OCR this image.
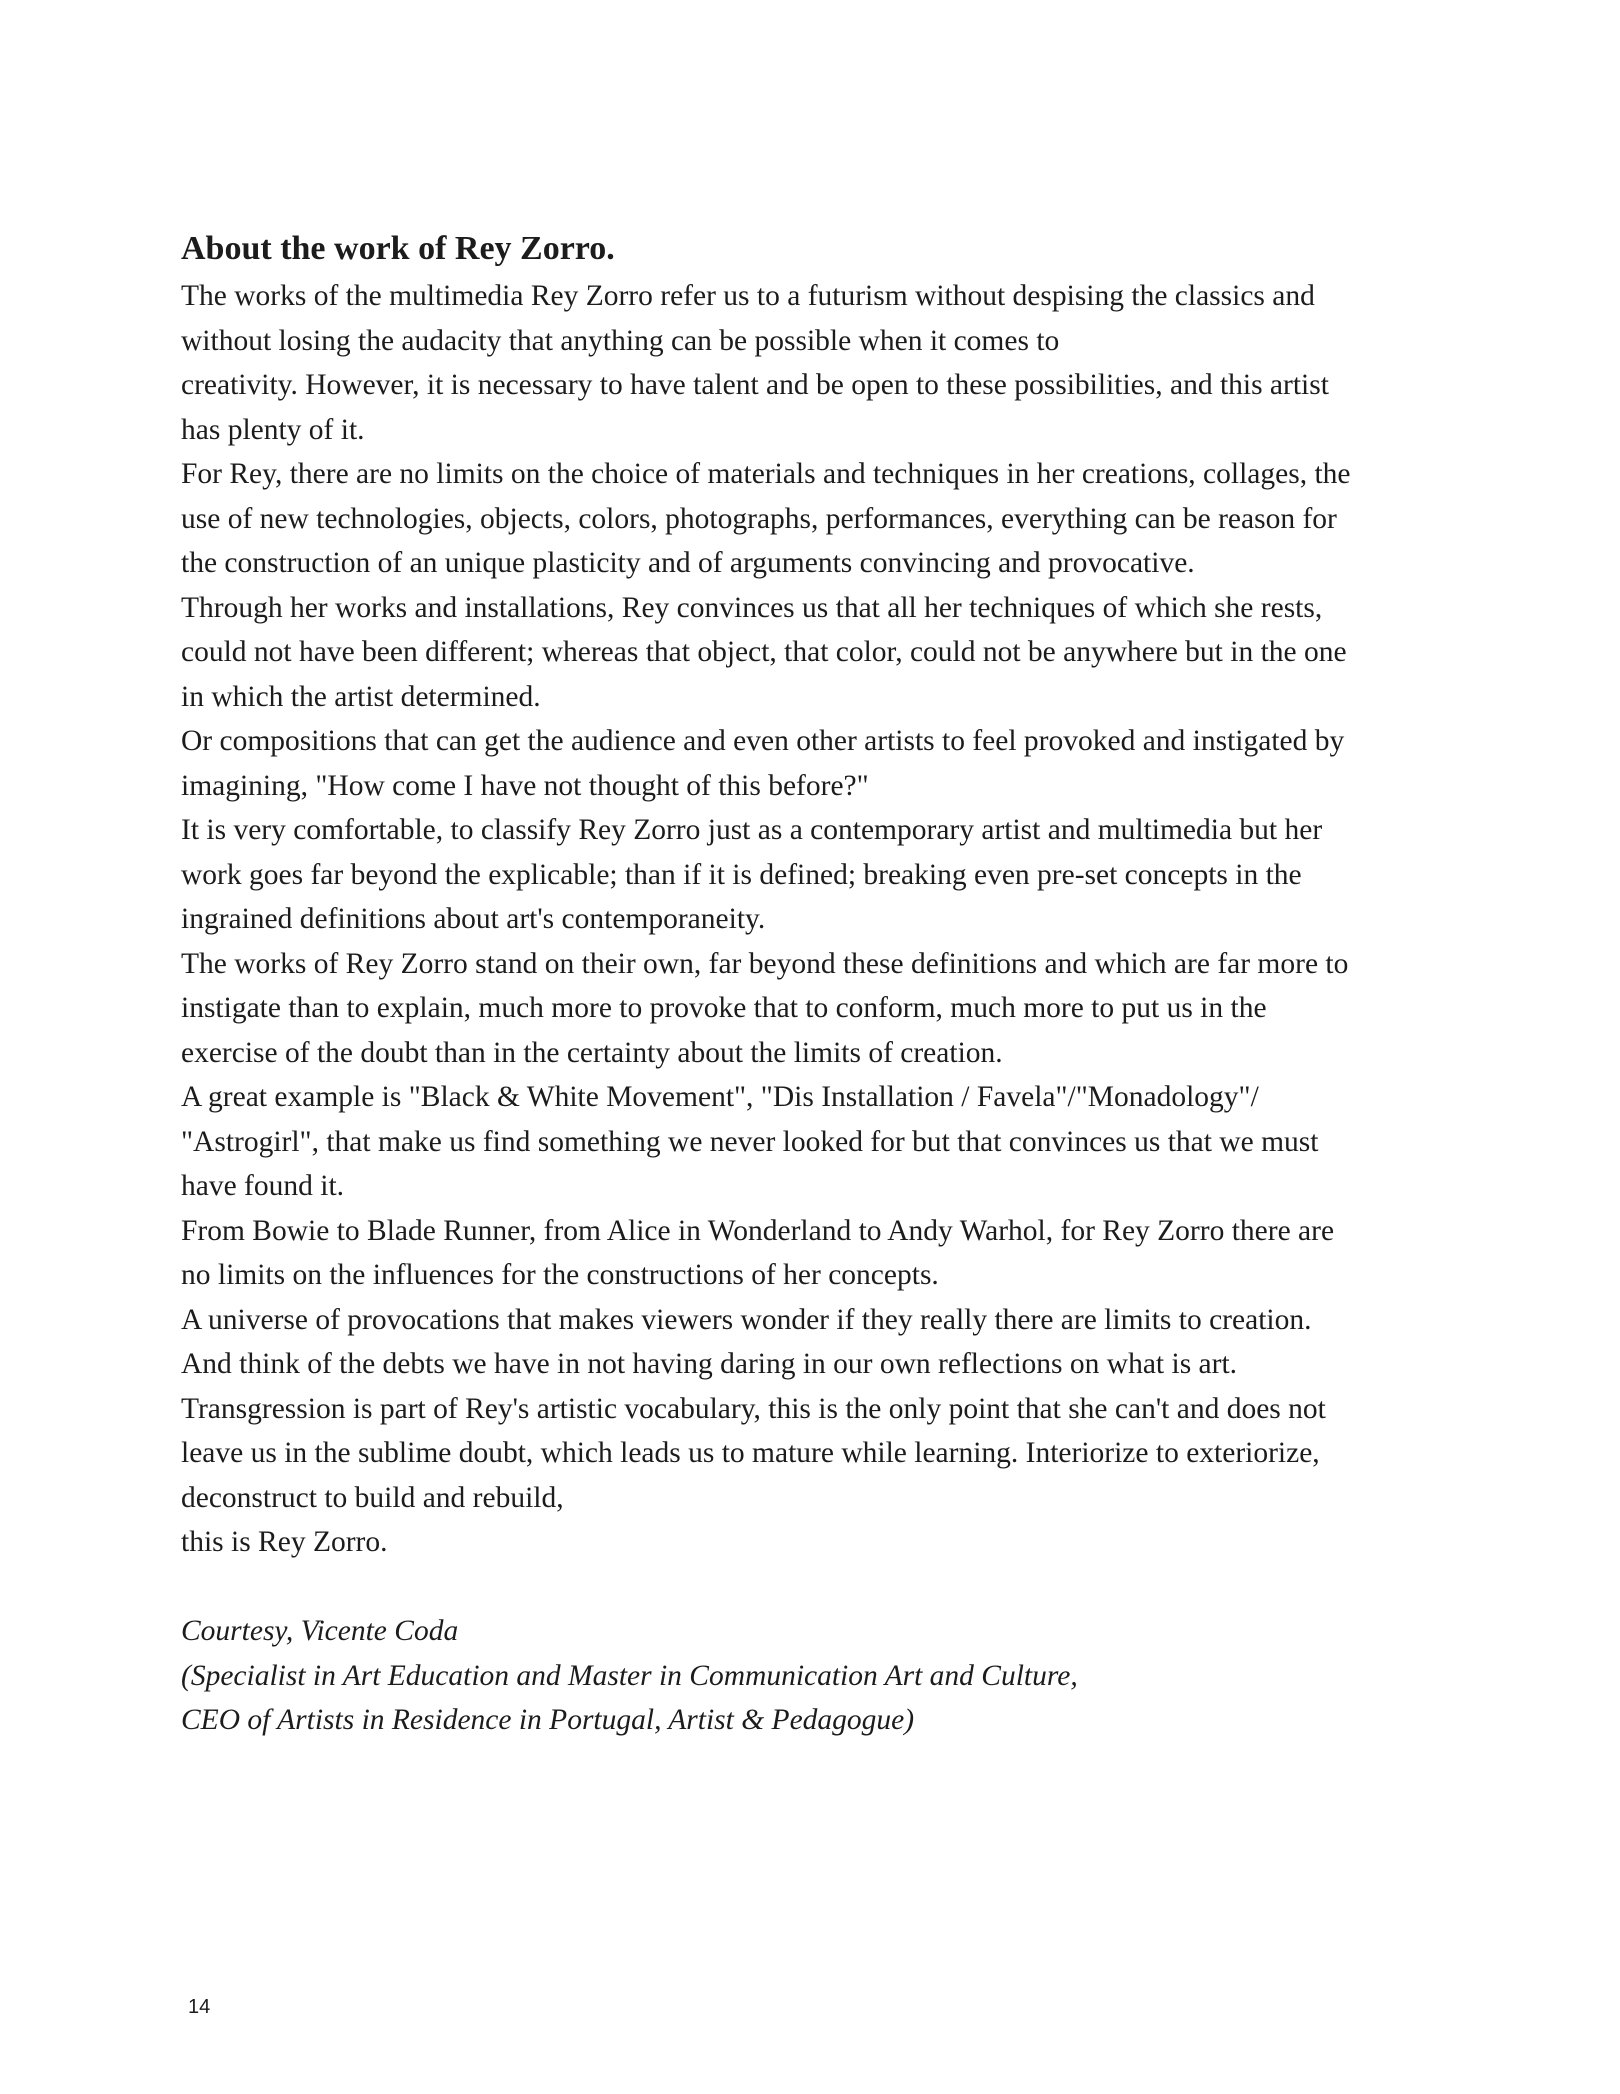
About the work of Rey Zorro.
The works of the multimedia Rey Zorro refer us to a futurism without despising the classics and
without losing the audacity that anything can be possible when it comes to
creativity. However, it is necessary to have talent and be open to these possibilities, and this artist
has plenty of it.
For Rey, there are no limits on the choice of materials and techniques in her creations, collages, the
use of new technologies, objects, colors, photographs, performances, everything can be reason for
the construction of an unique plasticity and of arguments convincing and provocative.
Through her works and installations, Rey convinces us that all her techniques of which she rests,
could not have been different; whereas that object, that color, could not be anywhere but in the one
in which the artist determined.
Or compositions that can get the audience and even other artists to feel provoked and instigated by
imagining, "How come I have not thought of this before?"
It is very comfortable, to classify Rey Zorro just as a contemporary artist and multimedia but her
work goes far beyond the explicable; than if it is defined; breaking even pre-set concepts in the
ingrained definitions about art's contemporaneity.
The works of Rey Zorro stand on their own, far beyond these definitions and which are far more to
instigate than to explain, much more to provoke that to conform, much more to put us in the
exercise of the doubt than in the certainty about the limits of creation.
A great example is "Black & White Movement", "Dis Installation / Favela"/"Monadology"/
"Astrogirl", that make us find something we never looked for but that convinces us that we must
have found it.
From Bowie to Blade Runner, from Alice in Wonderland to Andy Warhol, for Rey Zorro there are
no limits on the influences for the constructions of her concepts.
A universe of provocations that makes viewers wonder if they really there are limits to creation.
And think of the debts we have in not having daring in our own reflections on what is art.
Transgression is part of Rey's artistic vocabulary, this is the only point that she can't and does not
leave us in the sublime doubt, which leads us to mature while learning. Interiorize to exteriorize,
deconstruct to build and rebuild,
this is Rey Zorro.
Courtesy, Vicente Coda
(Specialist in Art Education and Master in Communication Art and Culture,
CEO of Artists in Residence in Portugal, Artist & Pedagogue)
14
